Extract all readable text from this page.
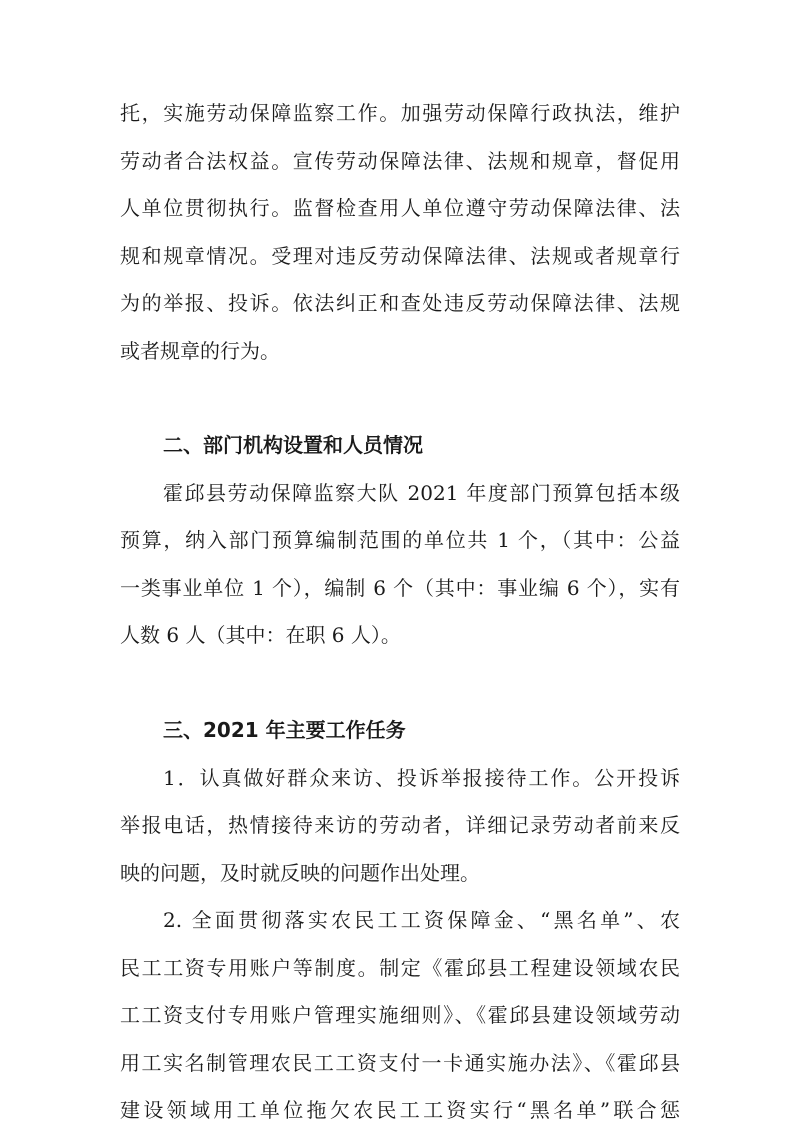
托，实施劳动保障监察工作。加强劳动保障行政执法，维护
劳动者合法权益。宣传劳动保障法律、法规和规章，督促用
人单位贯彻执行。监督检查用人单位遵守劳动保障法律、法
规和规章情况。受理对违反劳动保障法律、法规或者规章行
为的举报、投诉。依法纠正和查处违反劳动保障法律、法规
或者规章的行为。
二、部门机构设置和人员情况
霍邱县劳动保障监察大队 2021 年度部门预算包括本级
预算，纳入部门预算编制范围的单位共 1 个，（其中：公益
一类事业单位 1 个），编制 6 个（其中：事业编 6 个），实有
人数 6 人（其中：在职 6 人）。
三、2021 年主要工作任务
1．认真做好群众来访、投诉举报接待工作。公开投诉
举报电话，热情接待来访的劳动者，详细记录劳动者前来反
映的问题，及时就反映的问题作出处理。
2. 全面贯彻落实农民工工资保障金、“黑名单”、农
民工工资专用账户等制度。制定《霍邱县工程建设领域农民
工工资支付专用账户管理实施细则》、《霍邱县建设领域劳动
用工实名制管理农民工工资支付一卡通实施办法》、《霍邱县
建设领域用工单位拖欠农民工工资实行“黑名单”联合惩
